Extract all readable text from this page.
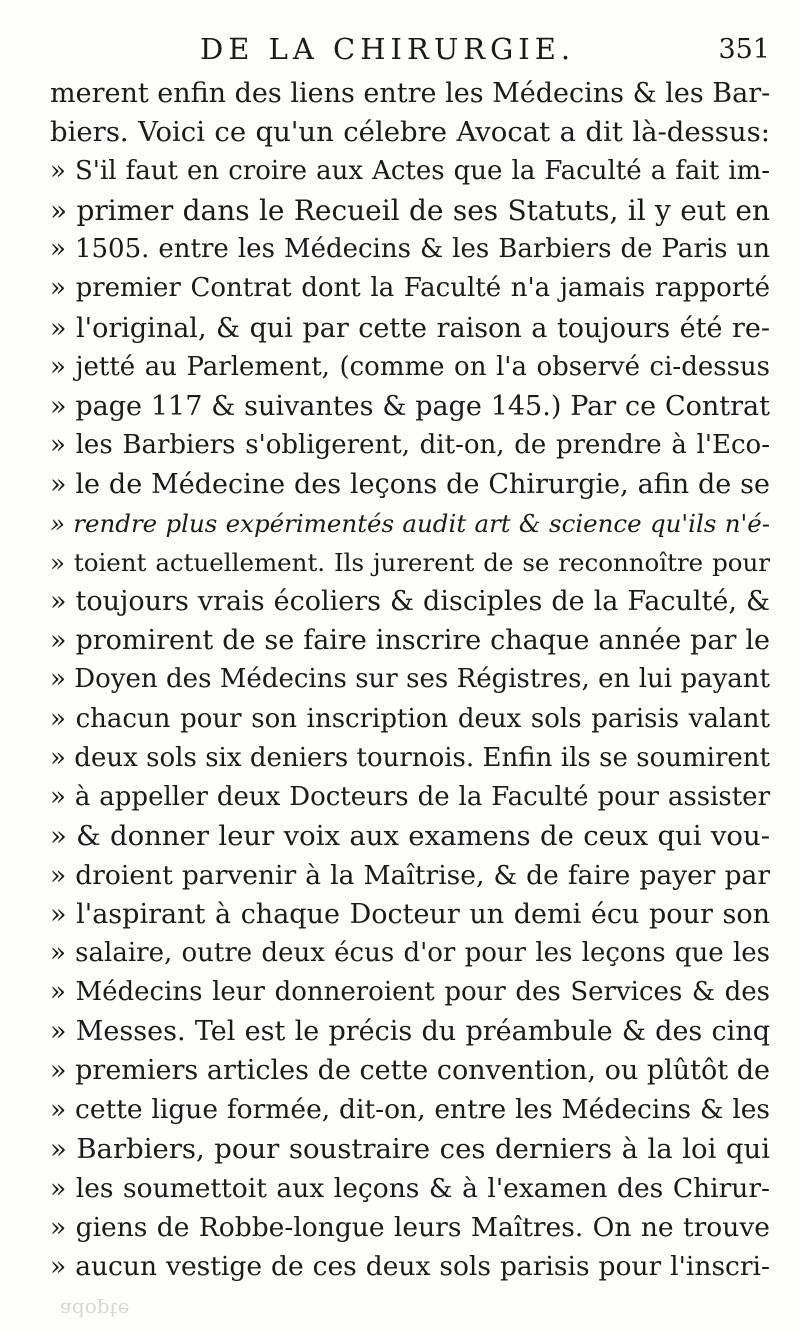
DE LA CHIRURGIE.	351
merent enfin des liens entre les Médecins & les Bar-
biers. Voici ce qu'un célebre Avocat a dit là-dessus:
» S'il faut en croire aux Actes que la Faculté a fait im-
» primer dans le Recueil de ses Statuts, il y eut en
» 1505. entre les Médecins & les Barbiers de Paris un
» premier Contrat dont la Faculté n'a jamais rapporté
» l'original, & qui par cette raison a toujours été re-
» jetté au Parlement, (comme on l'a observé ci-dessus
» page 117 & suivantes & page 145.) Par ce Contrat
» les Barbiers s'obligerent, dit-on, de prendre à l'Eco-
» le de Médecine des leçons de Chirurgie, afin de se
» rendre plus expérimentés audit art & science qu'ils n'é-
» toient actuellement. Ils jurerent de se reconnoître pour
» toujours vrais écoliers & disciples de la Faculté, &
» promirent de se faire inscrire chaque année par le
» Doyen des Médecins sur ses Régistres, en lui payant
» chacun pour son inscription deux sols parisis valant
» deux sols six deniers tournois. Enfin ils se soumirent
» à appeller deux Docteurs de la Faculté pour assister
» & donner leur voix aux examens de ceux qui vou-
» droient parvenir à la Maîtrise, & de faire payer par
» l'aspirant à chaque Docteur un demi écu pour son
» salaire, outre deux écus d'or pour les leçons que les
» Médecins leur donneroient pour des Services & des
» Messes. Tel est le précis du préambule & des cinq
» premiers articles de cette convention, ou plûtôt de
» cette ligue formée, dit-on, entre les Médecins & les
» Barbiers, pour soustraire ces derniers à la loi qui
» les soumettoit aux leçons & à l'examen des Chirur-
» giens de Robbe-longue leurs Maîtres. On ne trouve
» aucun vestige de ces deux sols parisis pour l'inscri-
adopte
